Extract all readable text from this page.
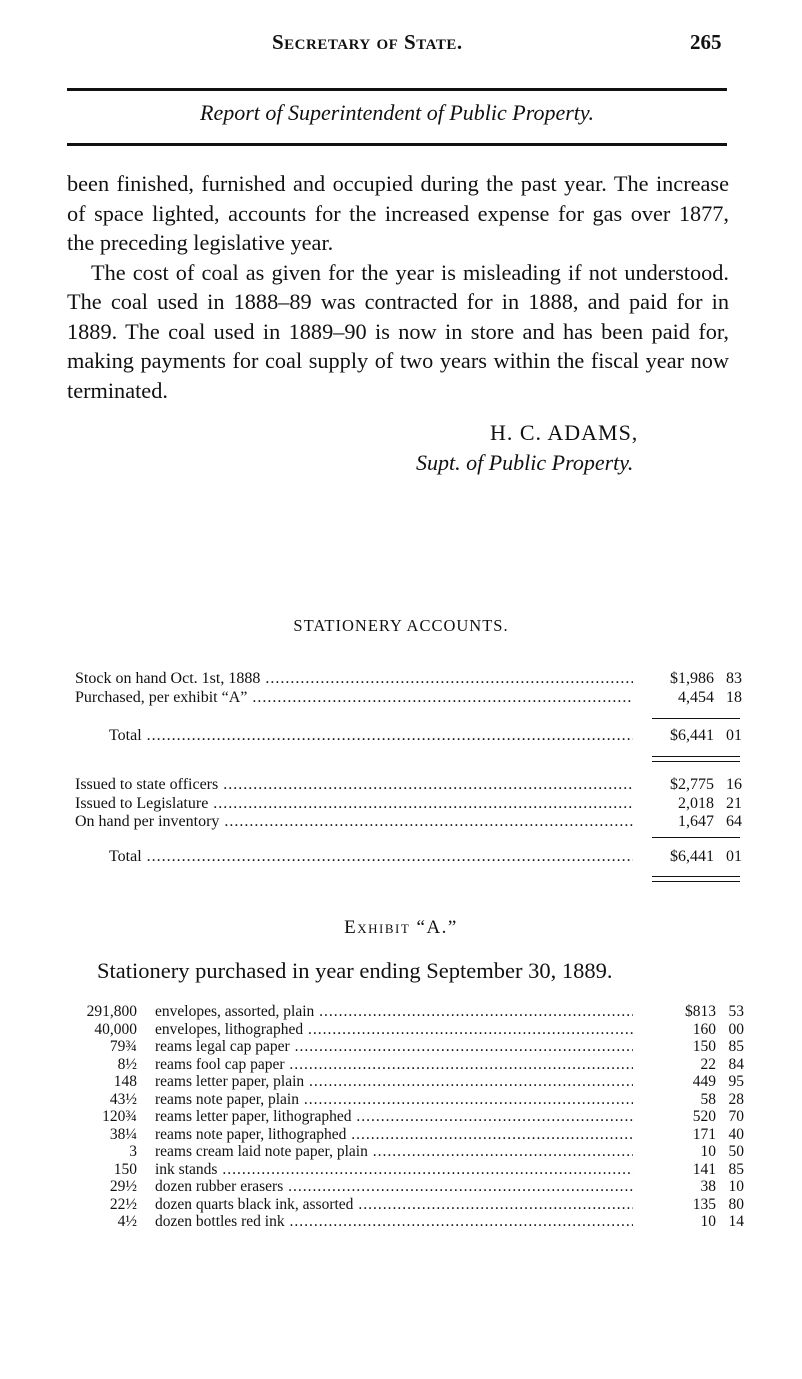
Secretary of State.	265
Report of Superintendent of Public Property.

been finished, furnished and occupied during the past year. The increase of space lighted, accounts for the increased expense for gas over 1877, the preceding legislative year.

The cost of coal as given for the year is misleading if not understood. The coal used in 1888–89 was contracted for in 1888, and paid for in 1889. The coal used in 1889–90 is now in store and has been paid for, making payments for coal supply of two years within the fiscal year now terminated.

H. C. ADAMS,
Supt. of Public Property.
STATIONERY ACCOUNTS.
Stock on hand Oct. 1st, 1888 .....	$1,986 83
Purchased, per exhibit “A” .....	4,454 18
Total .....	$6,441 01
Issued to state officers .....	$2,775 16
Issued to Legislature .....	2,018 21
On hand per inventory .....	1,647 64
Total .....	$6,441 01
Exhibit “A.”
Stationery purchased in year ending September 30, 1889.
291,800 envelopes, assorted, plain .....	$813 53
40,000 envelopes, lithographed .....	160 00
79¾ reams legal cap paper .....	150 85
8½ reams fool cap paper .....	22 84
148 reams letter paper, plain .....	449 95
43½ reams note paper, plain .....	58 28
120¾ reams letter paper, lithographed .....	520 70
38¼ reams note paper, lithographed .....	171 40
3 reams cream laid note paper, plain .....	10 50
150 ink stands .....	141 85
29½ dozen rubber erasers .....	38 10
22½ dozen quarts black ink, assorted .....	135 80
4½ dozen bottles red ink .....	10 14
